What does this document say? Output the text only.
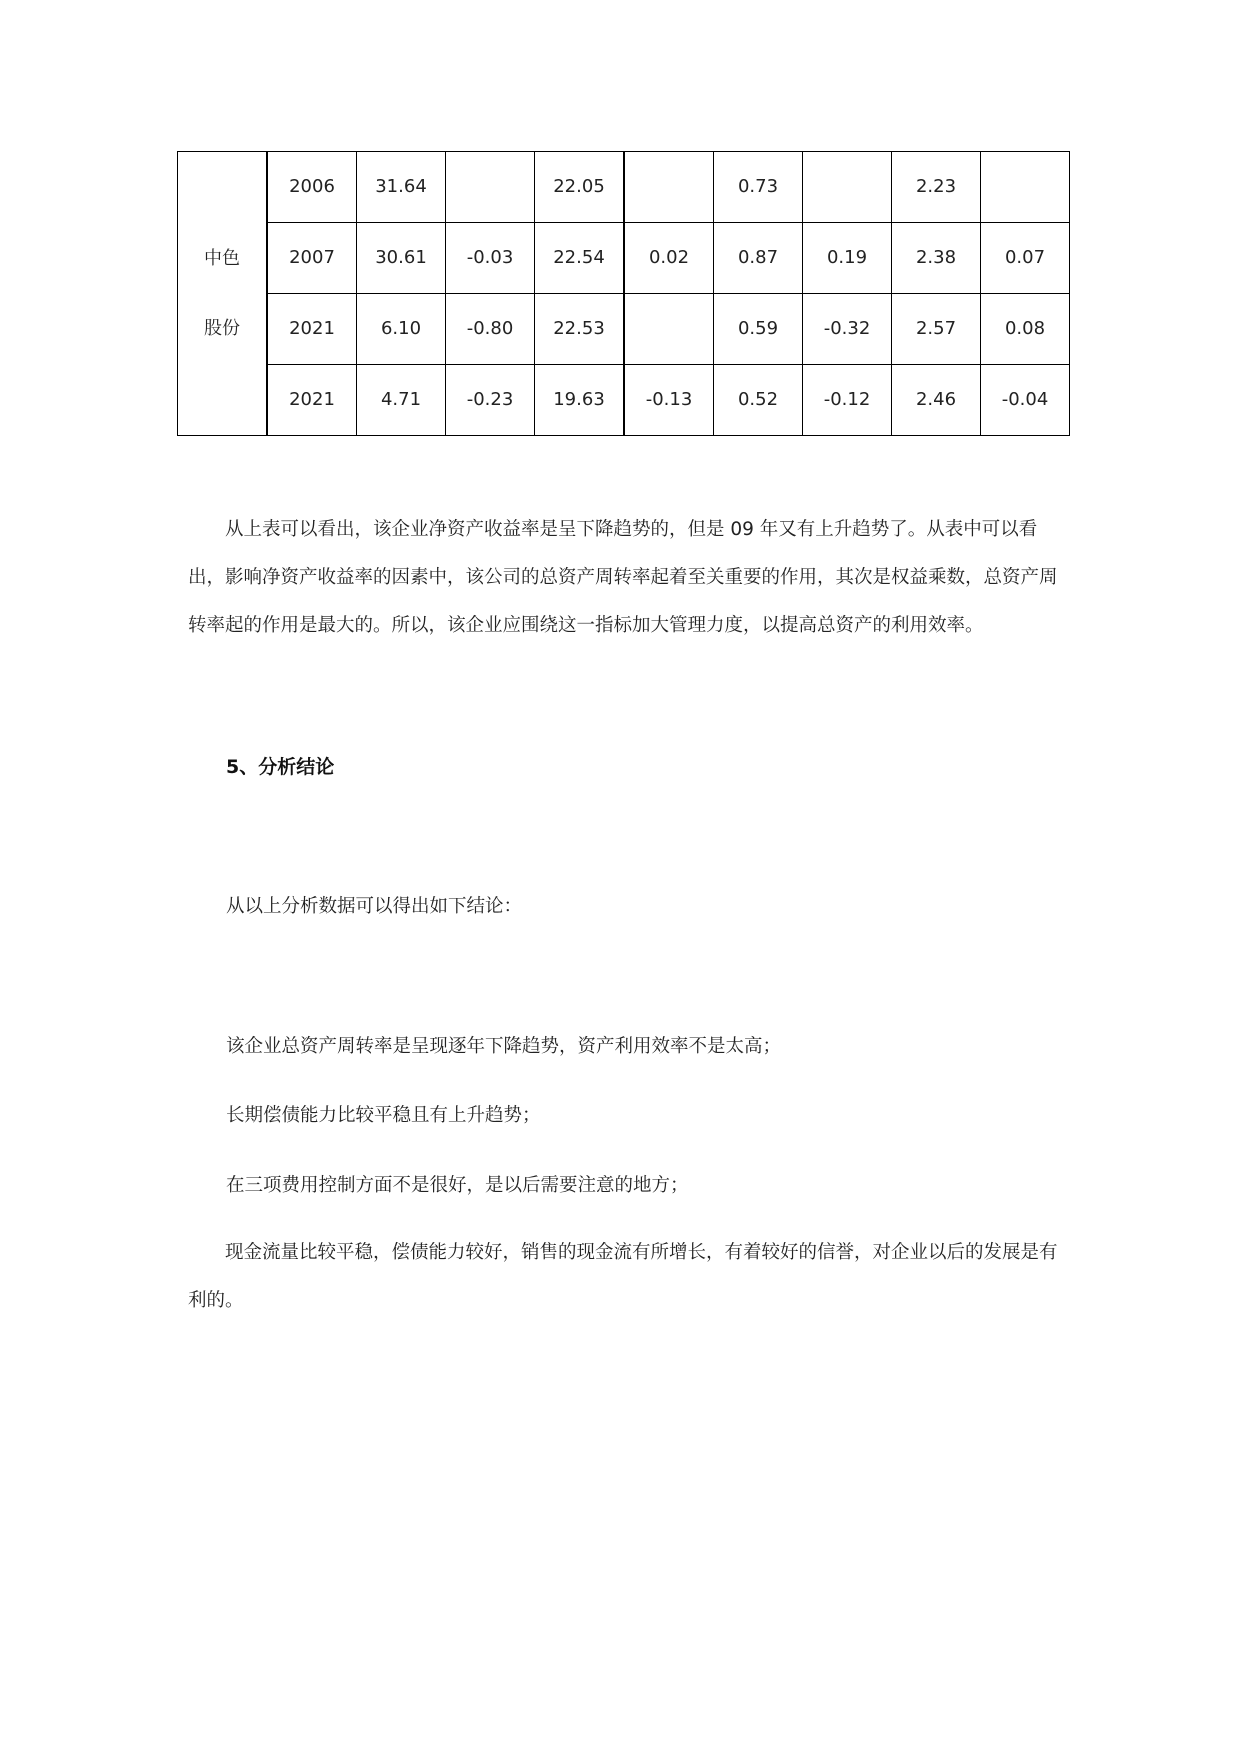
中色
股份	2006	31.64		22.05		0.73		2.23	
	2007	30.61	-0.03	22.54	0.02	0.87	0.19	2.38	0.07
	2021	6.10	-0.80	22.53		0.59	-0.32	2.57	0.08
	2021	4.71	-0.23	19.63	-0.13	0.52	-0.12	2.46	-0.04

从上表可以看出，该企业净资产收益率是呈下降趋势的，但是 09 年又有上升趋势了。从表中可以看出，影响净资产收益率的因素中，该公司的总资产周转率起着至关重要的作用，其次是权益乘数，总资产周转率起的作用是最大的。所以，该企业应围绕这一指标加大管理力度，以提高总资产的利用效率。

5、分析结论

从以上分析数据可以得出如下结论：

该企业总资产周转率是呈现逐年下降趋势，资产利用效率不是太高；

长期偿债能力比较平稳且有上升趋势；

在三项费用控制方面不是很好，是以后需要注意的地方；

现金流量比较平稳，偿债能力较好，销售的现金流有所增长，有着较好的信誉，对企业以后的发展是有利的。
